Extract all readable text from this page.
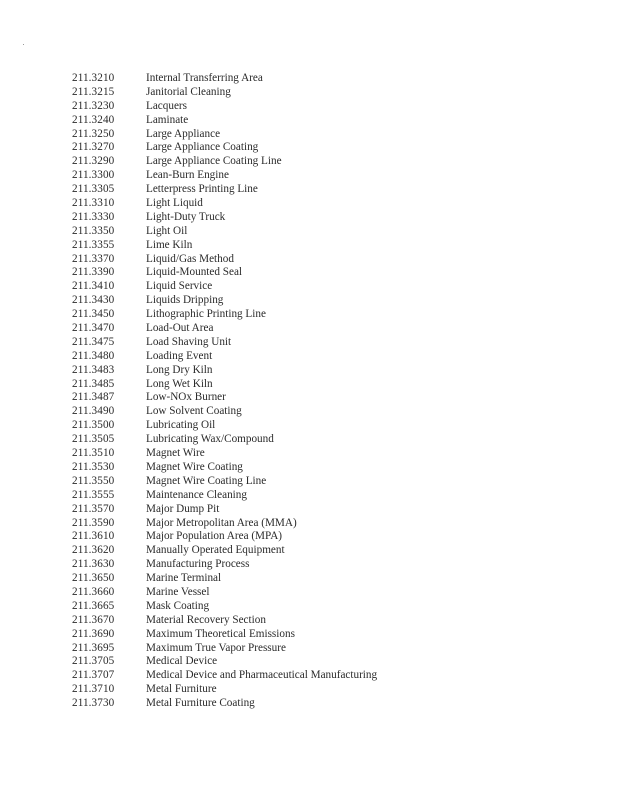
211.3210	Internal Transferring Area
211.3215	Janitorial Cleaning
211.3230	Lacquers
211.3240	Laminate
211.3250	Large Appliance
211.3270	Large Appliance Coating
211.3290	Large Appliance Coating Line
211.3300	Lean-Burn Engine
211.3305	Letterpress Printing Line
211.3310	Light Liquid
211.3330	Light-Duty Truck
211.3350	Light Oil
211.3355	Lime Kiln
211.3370	Liquid/Gas Method
211.3390	Liquid-Mounted Seal
211.3410	Liquid Service
211.3430	Liquids Dripping
211.3450	Lithographic Printing Line
211.3470	Load-Out Area
211.3475	Load Shaving Unit
211.3480	Loading Event
211.3483	Long Dry Kiln
211.3485	Long Wet Kiln
211.3487	Low-NOx Burner
211.3490	Low Solvent Coating
211.3500	Lubricating Oil
211.3505	Lubricating Wax/Compound
211.3510	Magnet Wire
211.3530	Magnet Wire Coating
211.3550	Magnet Wire Coating Line
211.3555	Maintenance Cleaning
211.3570	Major Dump Pit
211.3590	Major Metropolitan Area (MMA)
211.3610	Major Population Area (MPA)
211.3620	Manually Operated Equipment
211.3630	Manufacturing Process
211.3650	Marine Terminal
211.3660	Marine Vessel
211.3665	Mask Coating
211.3670	Material Recovery Section
211.3690	Maximum Theoretical Emissions
211.3695	Maximum True Vapor Pressure
211.3705	Medical Device
211.3707	Medical Device and Pharmaceutical Manufacturing
211.3710	Metal Furniture
211.3730	Metal Furniture Coating
